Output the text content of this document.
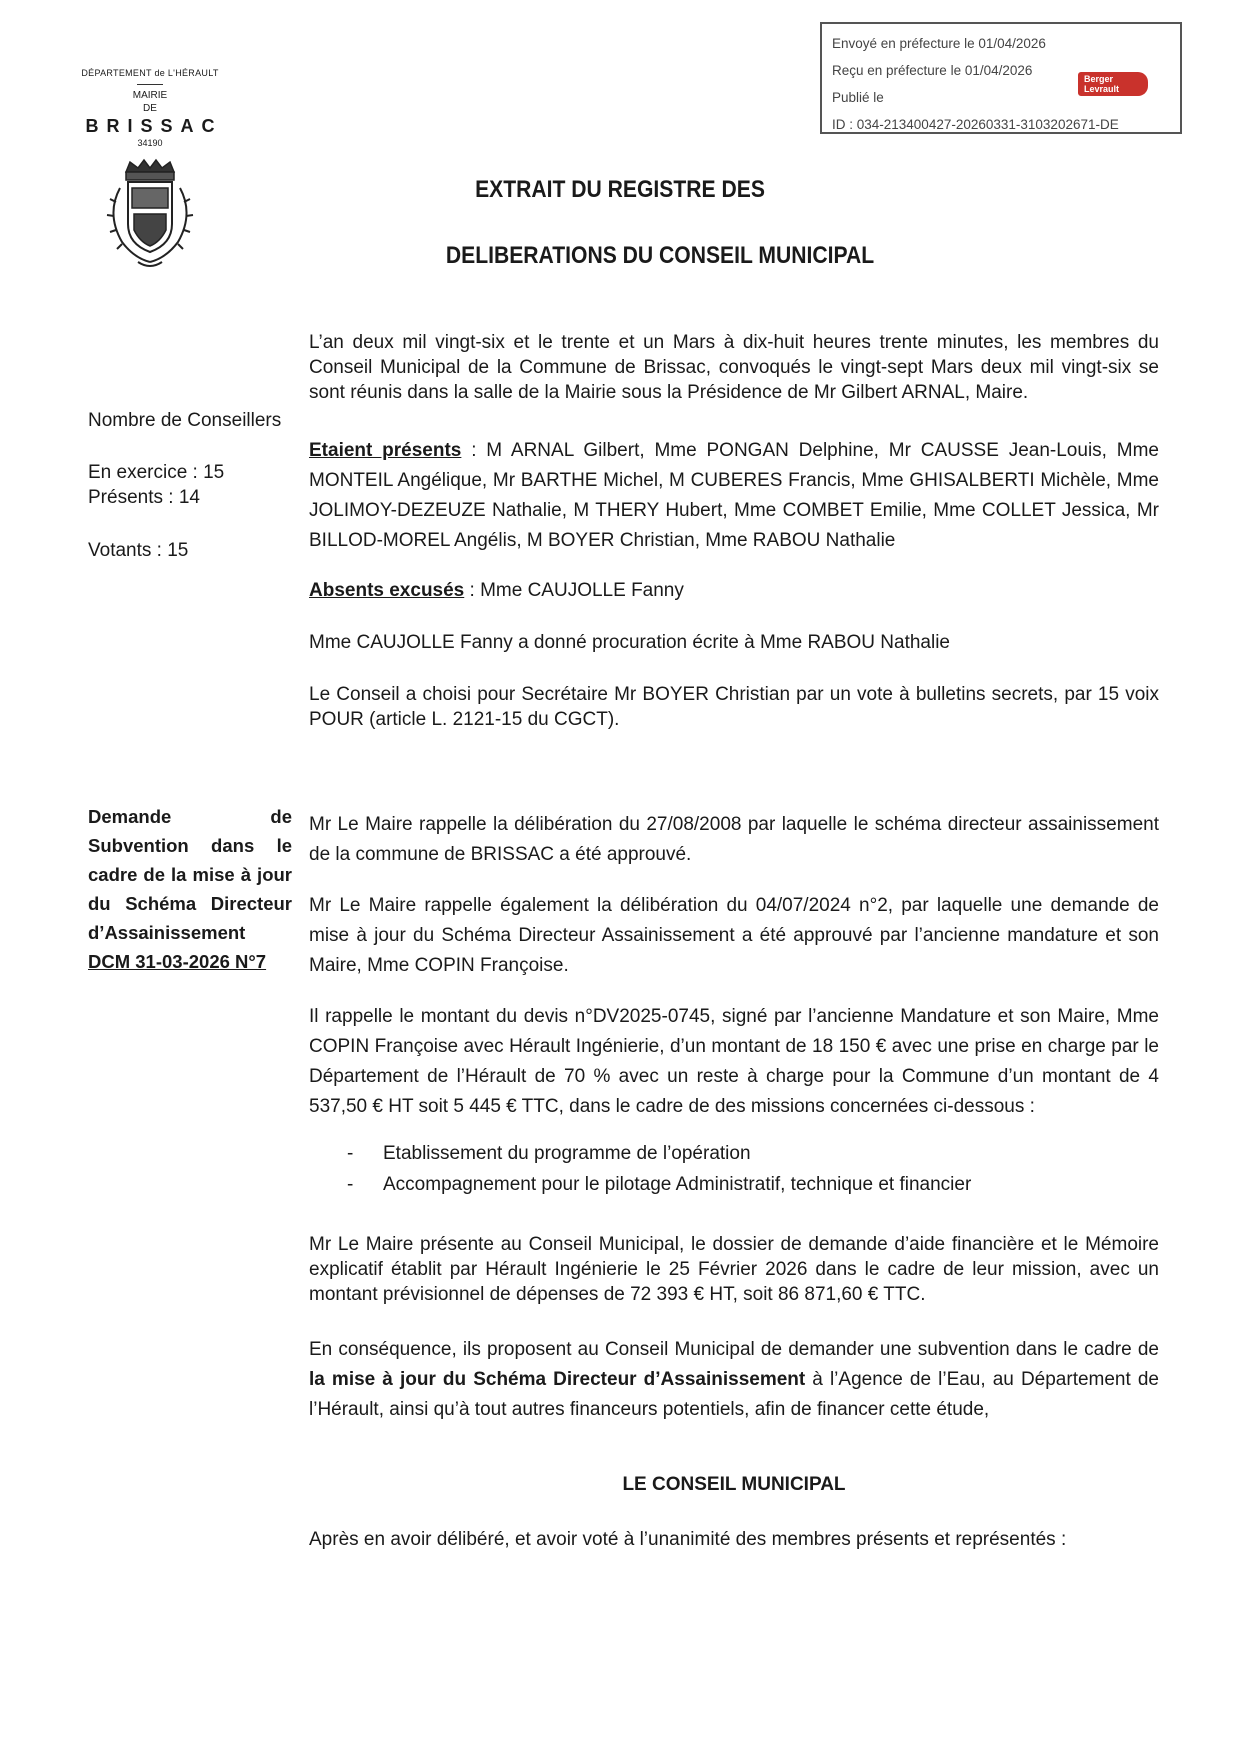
Envoyé en préfecture le 01/04/2026
Reçu en préfecture le 01/04/2026
Publié le
ID : 034-213400427-20260331-3103202671-DE
Berger
Levrault
DÉPARTEMENT de L'HÉRAULT
MAIRIE
DE
BRISSAC
34190
EXTRAIT DU REGISTRE DES
DELIBERATIONS DU CONSEIL MUNICIPAL
Nombre de Conseillers
En exercice : 15
Présents : 14
Votants : 15

L’an deux mil vingt-six et le trente et un Mars à dix-huit heures trente minutes, les membres du Conseil Municipal de la Commune de Brissac, convoqués le vingt-sept Mars deux mil vingt-six se sont réunis dans la salle de la Mairie sous la Présidence de Mr Gilbert ARNAL, Maire.

Etaient présents : M ARNAL Gilbert, Mme PONGAN Delphine, Mr CAUSSE Jean-Louis, Mme MONTEIL Angélique, Mr BARTHE Michel, M CUBERES Francis, Mme GHISALBERTI Michèle, Mme JOLIMOY-DEZEUZE Nathalie, M THERY Hubert, Mme COMBET Emilie, Mme COLLET Jessica, Mr BILLOD-MOREL Angélis, M BOYER Christian, Mme RABOU Nathalie

Absents excusés : Mme CAUJOLLE Fanny

Mme CAUJOLLE Fanny a donné procuration écrite à Mme RABOU Nathalie

Le Conseil a choisi pour Secrétaire Mr BOYER Christian par un vote à bulletins secrets, par 15 voix POUR (article L. 2121-15 du CGCT).

Demande de Subvention dans le cadre de la mise à jour du Schéma Directeur d’Assainissement
DCM 31-03-2026 N°7

Mr Le Maire rappelle la délibération du 27/08/2008 par laquelle le schéma directeur assainissement de la commune de BRISSAC a été approuvé.

Mr Le Maire rappelle également la délibération du 04/07/2024 n°2, par laquelle une demande de mise à jour du Schéma Directeur Assainissement a été approuvé par l’ancienne mandature et son Maire, Mme COPIN Françoise.

Il rappelle le montant du devis n°DV2025-0745, signé par l’ancienne Mandature et son Maire, Mme COPIN Françoise avec Hérault Ingénierie, d’un montant de 18 150 € avec une prise en charge par le Département de l’Hérault de 70 % avec un reste à charge pour la Commune d’un montant de 4 537,50 € HT soit 5 445 € TTC, dans le cadre de des missions concernées ci-dessous :

- Etablissement du programme de l’opération
- Accompagnement pour le pilotage Administratif, technique et financier

Mr Le Maire présente au Conseil Municipal, le dossier de demande d’aide financière et le Mémoire explicatif établit par Hérault Ingénierie le 25 Février 2026 dans le cadre de leur mission, avec un montant prévisionnel de dépenses de 72 393 € HT, soit 86 871,60 € TTC.

En conséquence, ils proposent au Conseil Municipal de demander une subvention dans le cadre de la mise à jour du Schéma Directeur d’Assainissement à l’Agence de l’Eau, au Département de l’Hérault, ainsi qu’à tout autres financeurs potentiels, afin de financer cette étude,

LE CONSEIL MUNICIPAL

Après en avoir délibéré, et avoir voté à l’unanimité des membres présents et représentés :
